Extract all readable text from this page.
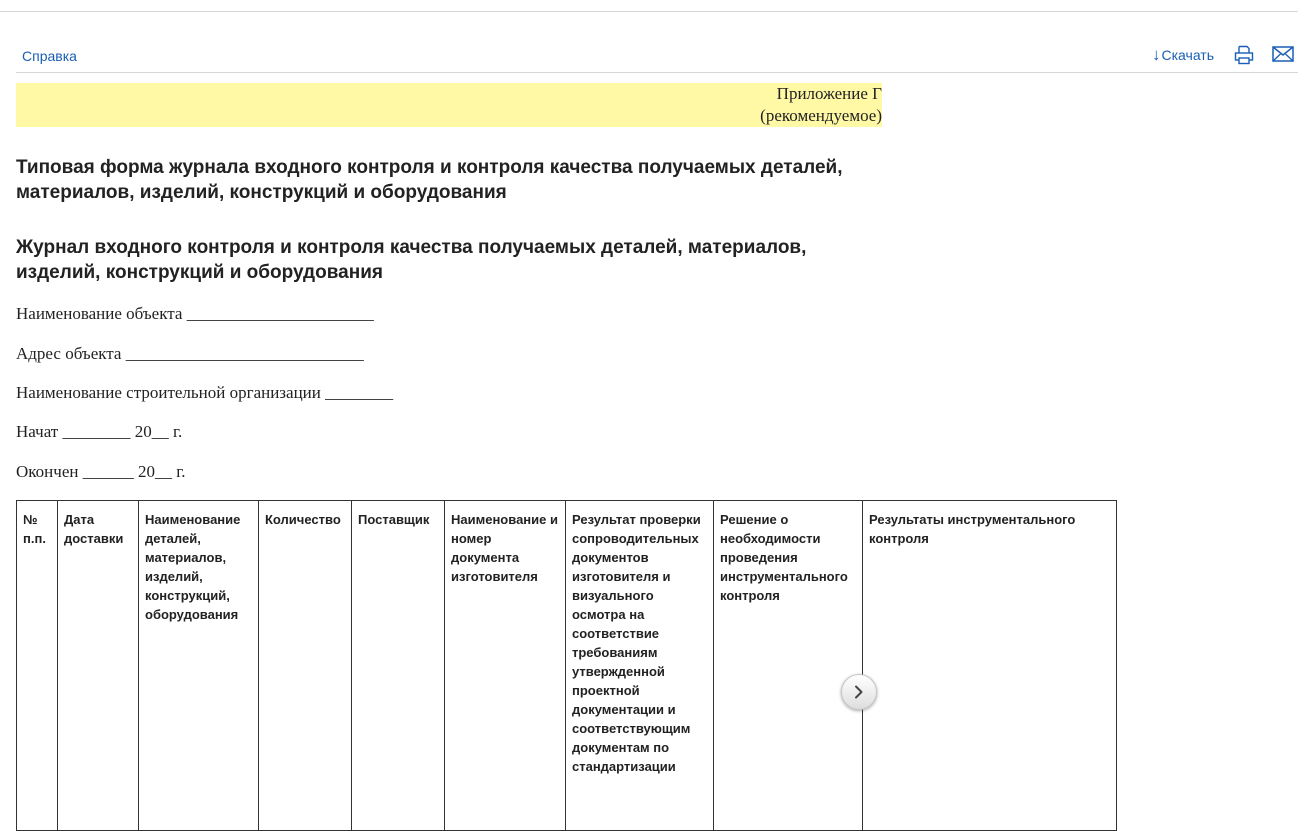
Справка	↓ Скачать
Приложение Г
(рекомендуемое)
Типовая форма журнала входного контроля и контроля качества получаемых деталей, материалов, изделий, конструкций и оборудования
Журнал входного контроля и контроля качества получаемых деталей, материалов, изделий, конструкций и оборудования

Наименование объекта ______________________

Адрес объекта ____________________________

Наименование строительной организации ________

Начат ________ 20__ г.

Окончен ______ 20__ г.

№ п.п.	Дата доставки	Наименование деталей, материалов, изделий, конструкций, оборудования	Количество	Поставщик	Наименование и номер документа изготовителя	Результат проверки сопроводительных документов изготовителя и визуального осмотра на соответствие требованиям утвержденной проектной документации и соответствующим документам по стандартизации	Решение о необходимости проведения инструментального контроля	Результаты инструментального контроля
